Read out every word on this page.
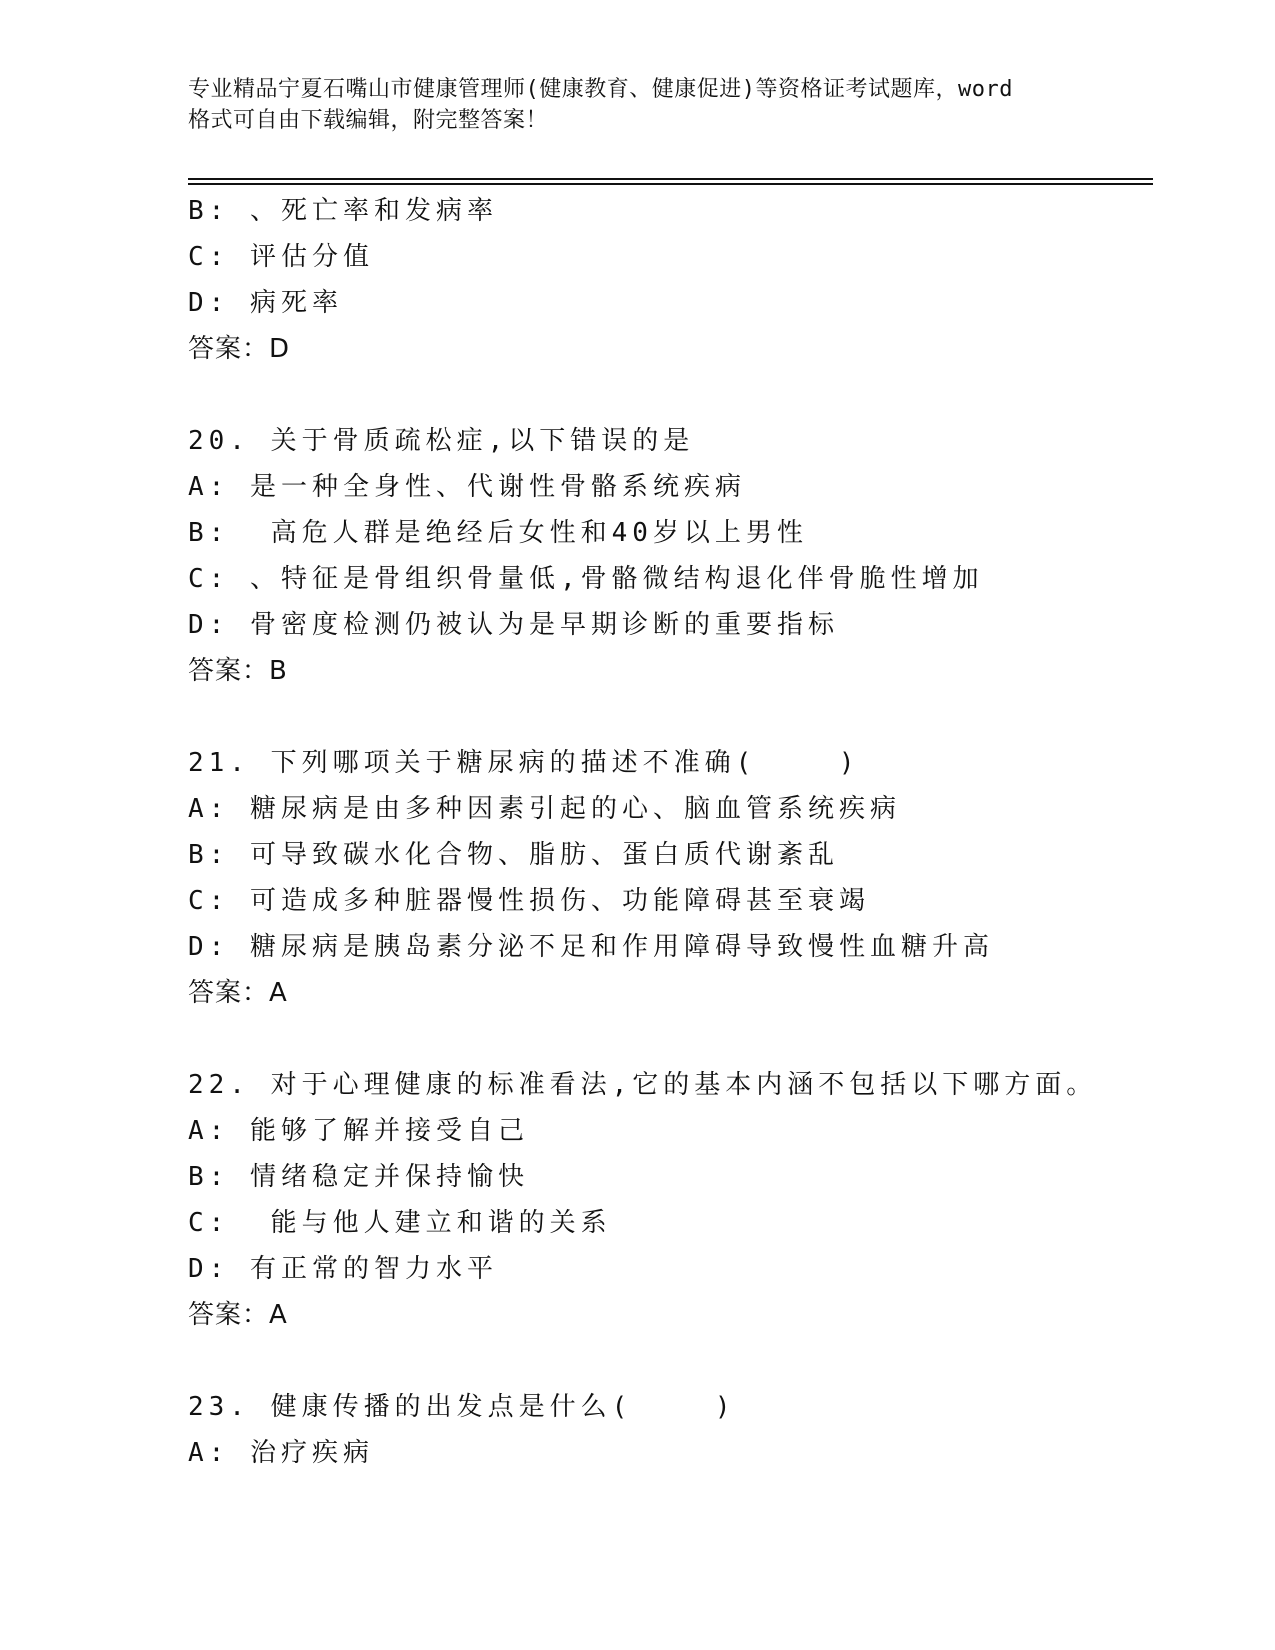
专业精品宁夏石嘴山市健康管理师(健康教育、健康促进)等资格证考试题库，word
格式可自由下载编辑，附完整答案！
B: 、死亡率和发病率
C: 评估分值
D: 病死率
答案：D
20. 关于骨质疏松症,以下错误的是
A: 是一种全身性、代谢性骨骼系统疾病
B:  高危人群是绝经后女性和40岁以上男性
C: 、特征是骨组织骨量低,骨骼微结构退化伴骨脆性增加
D: 骨密度检测仍被认为是早期诊断的重要指标
答案：B
21. 下列哪项关于糖尿病的描述不准确(    )
A: 糖尿病是由多种因素引起的心、脑血管系统疾病
B: 可导致碳水化合物、脂肪、蛋白质代谢紊乱
C: 可造成多种脏器慢性损伤、功能障碍甚至衰竭
D: 糖尿病是胰岛素分泌不足和作用障碍导致慢性血糖升高
答案：A
22. 对于心理健康的标准看法,它的基本内涵不包括以下哪方面。
A: 能够了解并接受自己
B: 情绪稳定并保持愉快
C:  能与他人建立和谐的关系
D: 有正常的智力水平
答案：A
23. 健康传播的出发点是什么(    )
A: 治疗疾病
